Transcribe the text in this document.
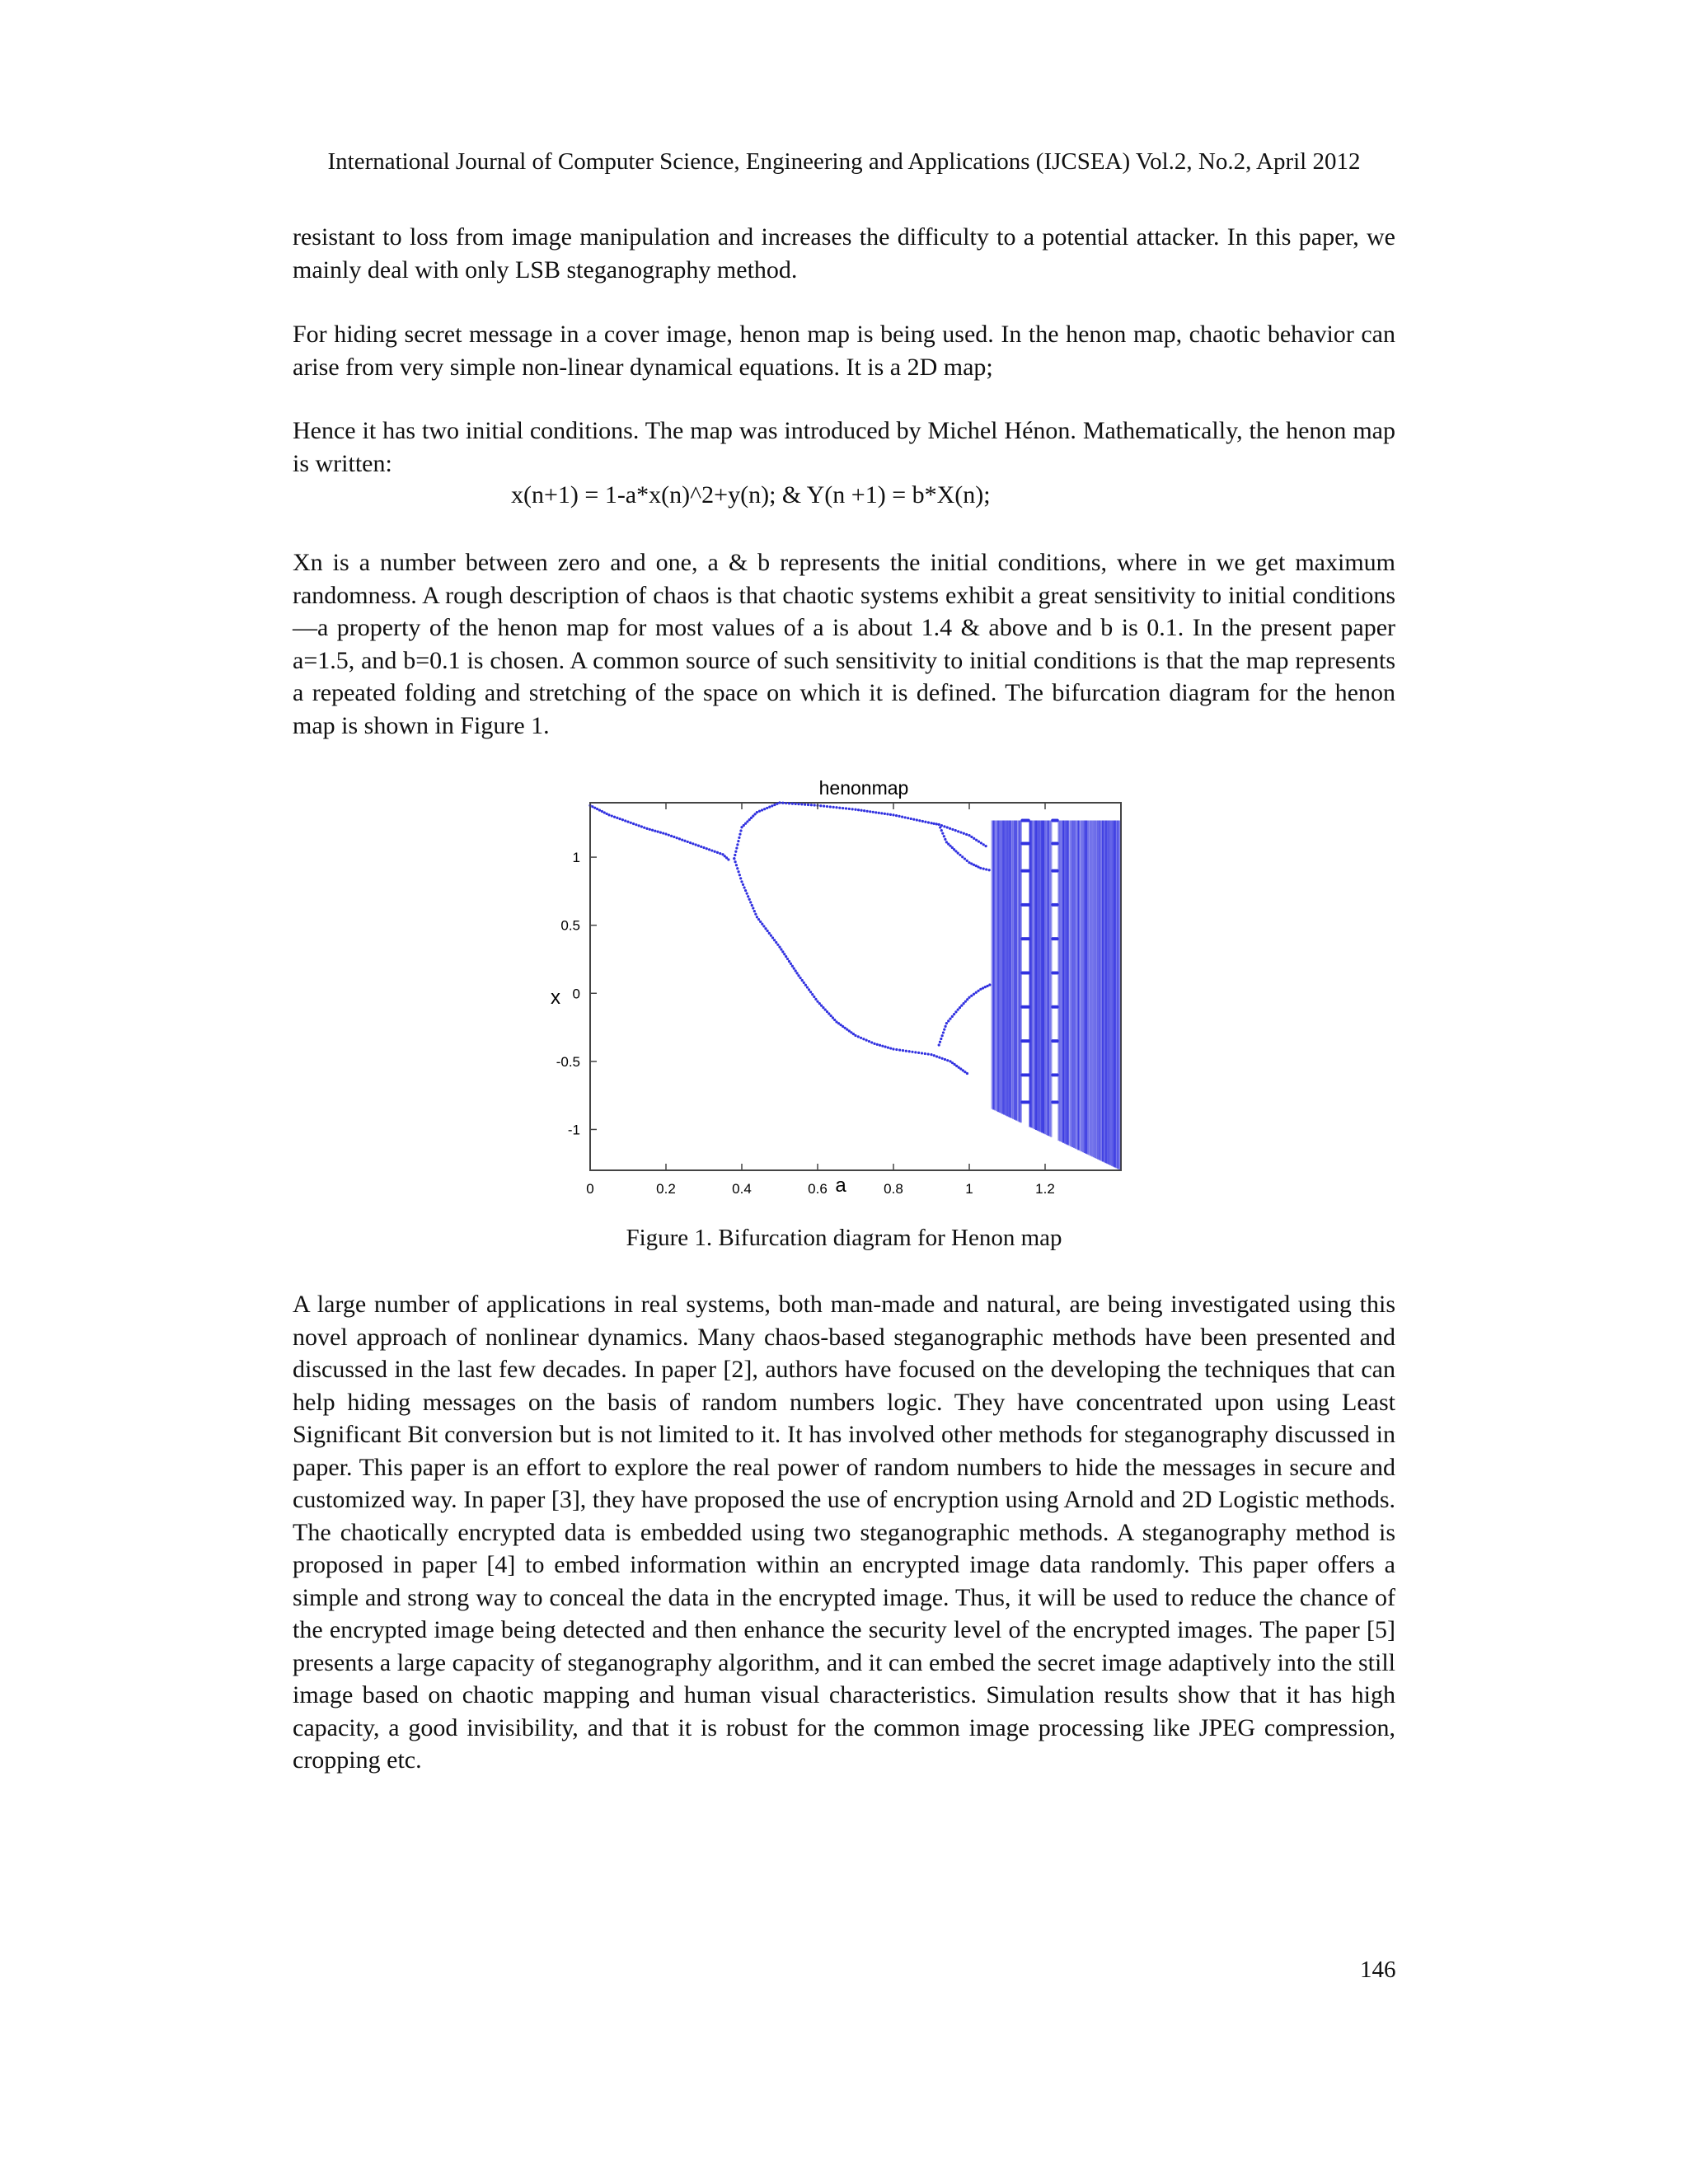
International Journal of Computer Science, Engineering and Applications (IJCSEA) Vol.2, No.2, April 2012

resistant to loss from image manipulation and increases the difficulty to a potential attacker. In this paper, we mainly deal with only LSB steganography method.

For hiding secret message in a cover image, henon map is being used. In the henon map, chaotic behavior can arise from very simple non-linear dynamical equations. It is a 2D map;

Hence it has two initial conditions. The map was introduced by Michel Hénon. Mathematically, the henon map is written:

x(n+1) = 1-a*x(n)^2+y(n); & Y(n +1) = b*X(n);

Xn is a number between zero and one, a & b represents the initial conditions, where in we get maximum randomness. A rough description of chaos is that chaotic systems exhibit a great sensitivity to initial conditions—a property of the henon map for most values of a is about 1.4 & above and b is 0.1. In the present paper a=1.5, and b=0.1 is chosen. A common source of such sensitivity to initial conditions is that the map represents a repeated folding and stretching of the space on which it is defined. The bifurcation diagram for the henon map is shown in Figure 1.

henonmap
0	0.2	0.4	0.6	0.8	1	1.2
1
0.5
0
-0.5
-1
a
x
Figure 1. Bifurcation diagram for Henon map

A large number of applications in real systems, both man-made and natural, are being investigated using this novel approach of nonlinear dynamics. Many chaos-based steganographic methods have been presented and discussed in the last few decades. In paper [2], authors have focused on the developing the techniques that can help hiding messages on the basis of random numbers logic. They have concentrated upon using Least Significant Bit conversion but is not limited to it. It has involved other methods for steganography discussed in paper. This paper is an effort to explore the real power of random numbers to hide the messages in secure and customized way. In paper [3], they have proposed the use of encryption using Arnold and 2D Logistic methods. The chaotically encrypted data is embedded using two steganographic methods. A steganography method is proposed in paper [4] to embed information within an encrypted image data randomly. This paper offers a simple and strong way to conceal the data in the encrypted image. Thus, it will be used to reduce the chance of the encrypted image being detected and then enhance the security level of the encrypted images. The paper [5] presents a large capacity of steganography algorithm, and it can embed the secret image adaptively into the still image based on chaotic mapping and human visual characteristics. Simulation results show that it has high capacity, a good invisibility, and that it is robust for the common image processing like JPEG compression, cropping etc.

146
